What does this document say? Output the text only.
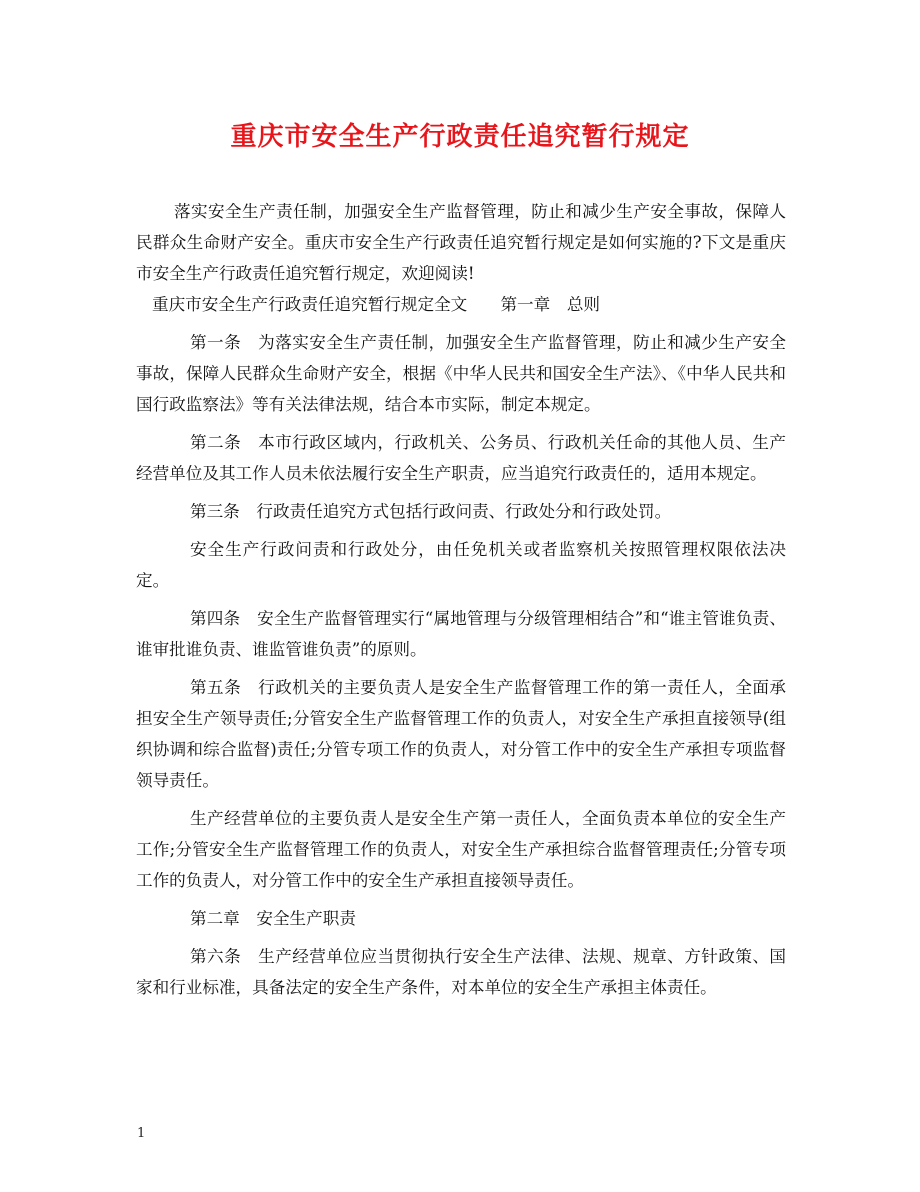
重庆市安全生产行政责任追究暂行规定

落实安全生产责任制，加强安全生产监督管理，防止和减少生产安全事故，保障人民群众生命财产安全。重庆市安全生产行政责任追究暂行规定是如何实施的?下文是重庆市安全生产行政责任追究暂行规定，欢迎阅读!

重庆市安全生产行政责任追究暂行规定全文　　第一章　总则

第一条　为落实安全生产责任制，加强安全生产监督管理，防止和减少生产安全事故，保障人民群众生命财产安全，根据《中华人民共和国安全生产法》、《中华人民共和国行政监察法》等有关法律法规，结合本市实际，制定本规定。

第二条　本市行政区域内，行政机关、公务员、行政机关任命的其他人员、生产经营单位及其工作人员未依法履行安全生产职责，应当追究行政责任的，适用本规定。

第三条　行政责任追究方式包括行政问责、行政处分和行政处罚。

安全生产行政问责和行政处分，由任免机关或者监察机关按照管理权限依法决定。

第四条　安全生产监督管理实行“属地管理与分级管理相结合”和“谁主管谁负责、谁审批谁负责、谁监管谁负责”的原则。

第五条　行政机关的主要负责人是安全生产监督管理工作的第一责任人，全面承担安全生产领导责任;分管安全生产监督管理工作的负责人，对安全生产承担直接领导(组织协调和综合监督)责任;分管专项工作的负责人，对分管工作中的安全生产承担专项监督领导责任。

生产经营单位的主要负责人是安全生产第一责任人，全面负责本单位的安全生产工作;分管安全生产监督管理工作的负责人，对安全生产承担综合监督管理责任;分管专项工作的负责人，对分管工作中的安全生产承担直接领导责任。

第二章　安全生产职责

第六条　生产经营单位应当贯彻执行安全生产法律、法规、规章、方针政策、国家和行业标准，具备法定的安全生产条件，对本单位的安全生产承担主体责任。

1
